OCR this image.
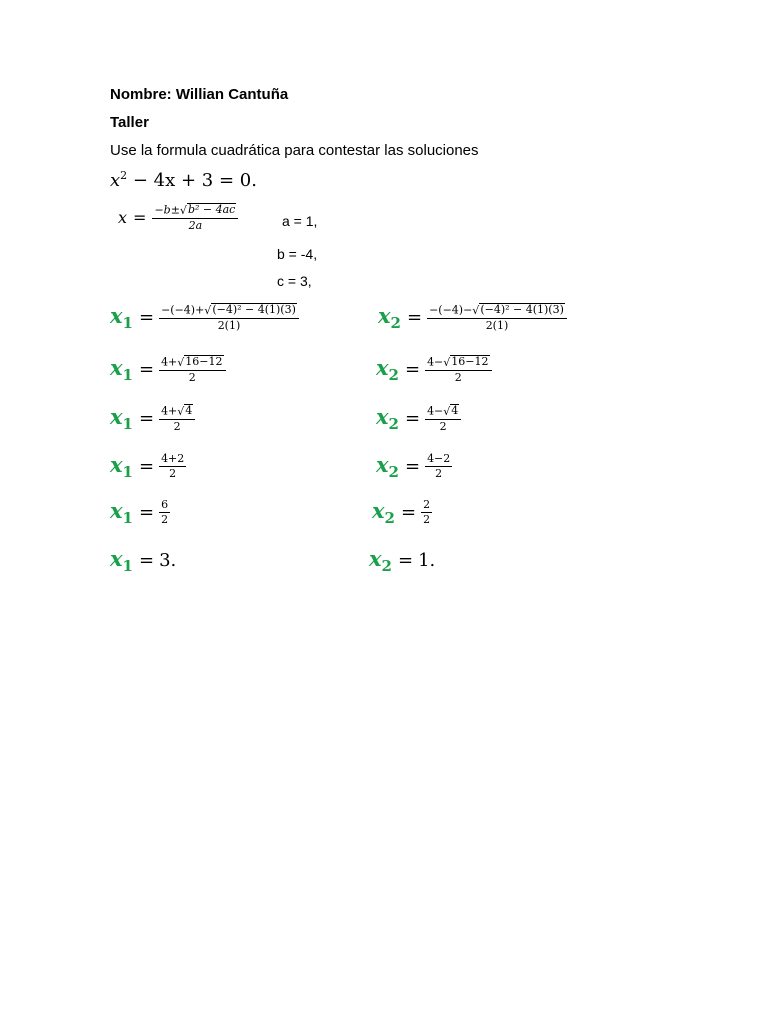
Nombre: Willian Cantuña
Taller
Use la formula cuadrática para contestar las soluciones
$x^2 - 4x + 3 = 0$.
$x = \frac{\text{−b± √ b² − 4ac}}{2a}$	a = 1,
b = -4,
c = 3,
$x_1 = \frac{\text{−(−4)+ √ (−4)² − 4(1)(3)}}{2(1)}$
$x_1 = \frac{4+ √ 16-12}{2}$
$x_1 = \frac{4+ √ 4}{2}$
$x_1 = \frac{4+2}{2}$
$x_1 = \frac{6}{2}$
$x_1 = 3$.
$x_2 = \frac{\text{−(−4)− √ (−4)² − 4(1)(3)}}{2(1)}$
$x_2 = \frac{4- √ 16-12}{2}$
$x_2 = \frac{4- √ 4}{2}$
$x_2 = \frac{4-2}{2}$
$x_2 = \frac{2}{2}$
$x_2 = 1$.
